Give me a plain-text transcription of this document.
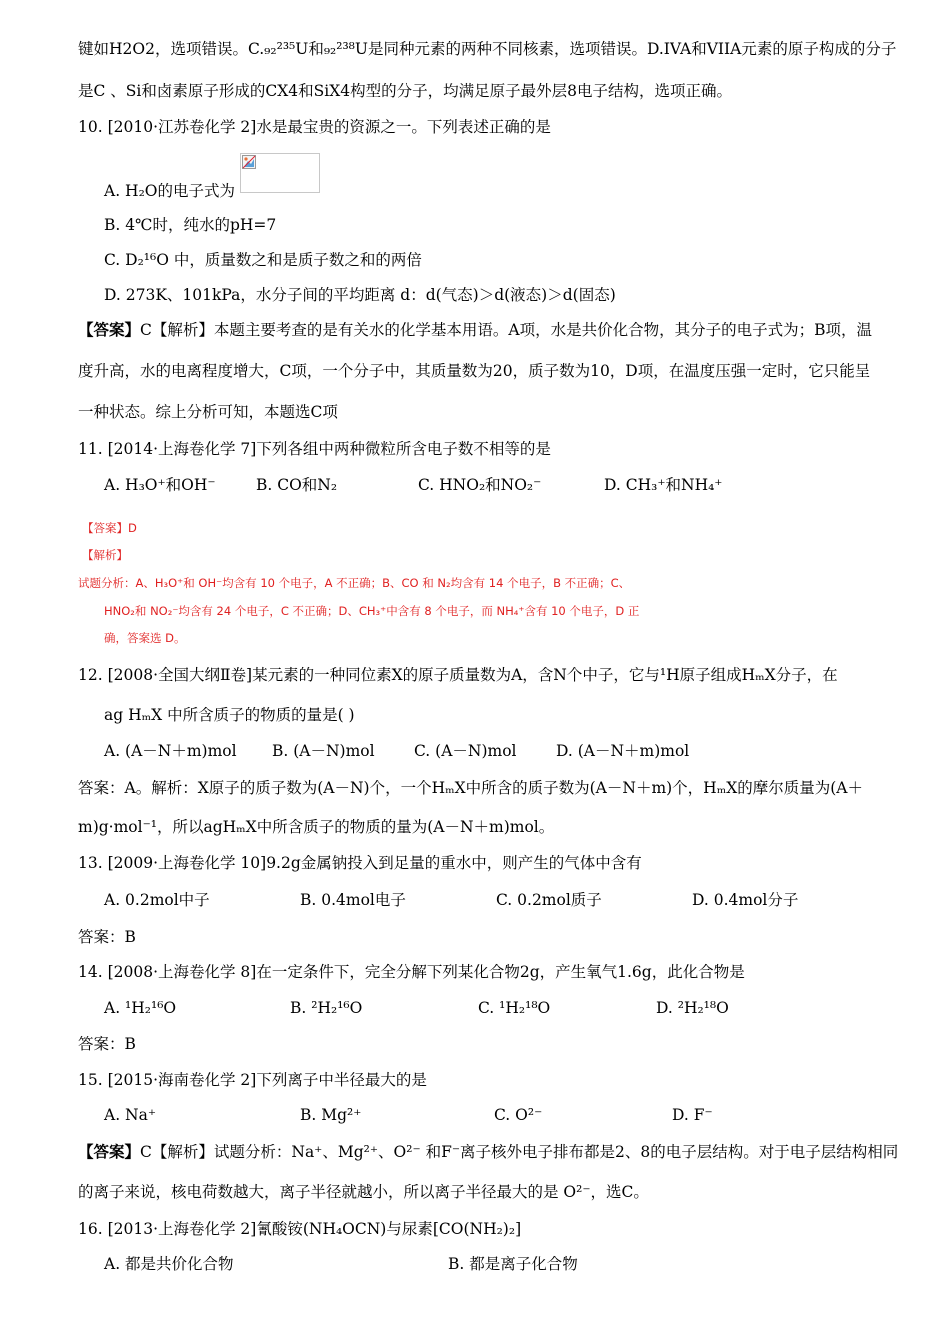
键如H2O2，选项错误。C.₉₂²³⁵U和₉₂²³⁸U是同种元素的两种不同核素，选项错误。D.IVA和VIIA元素的原子构成的分子
是C 、Si和卤素原子形成的CX4和SiX4构型的分子，均满足原子最外层8电子结构，选项正确。
10. [2010·江苏卷化学 2]水是最宝贵的资源之一。下列表述正确的是
A. H₂O的电子式为
B. 4℃时，纯水的pH=7
C. D₂¹⁶O 中，质量数之和是质子数之和的两倍
D. 273K、101kPa，水分子间的平均距离 d：d(气态)＞d(液态)＞d(固态)
【答案】C【解析】本题主要考查的是有关水的化学基本用语。A项，水是共价化合物，其分子的电子式为；B项，温
度升高，水的电离程度增大，C项，一个分子中，其质量数为20，质子数为10，D项，在温度压强一定时，它只能呈
一种状态。综上分析可知，本题选C项
11. [2014·上海卷化学 7]下列各组中两种微粒所含电子数不相等的是
A. H₃O⁺和OH⁻	B. CO和N₂	C. HNO₂和NO₂⁻	D. CH₃⁺和NH₄⁺
【答案】D
【解析】
试题分析：A、H₃O⁺和 OH⁻均含有 10 个电子，A 不正确；B、CO 和 N₂均含有 14 个电子，B 不正确；C、
HNO₂和 NO₂⁻均含有 24 个电子，C 不正确；D、CH₃⁺中含有 8 个电子，而 NH₄⁺含有 10 个电子，D 正
确，答案选 D。
12. [2008·全国大纲Ⅱ卷]某元素的一种同位素X的原子质量数为A，含N个中子，它与¹H原子组成HₘX分子，在
ag HₘX 中所含质子的物质的量是( )
A. (A－N＋m)mol B. (A－N)mol	C. (A－N)mol	D. (A－N＋m)mol
答案：A。解析：X原子的质子数为(A－N)个，一个HₘX中所含的质子数为(A－N＋m)个，HₘX的摩尔质量为(A＋
m)g·mol⁻¹，所以agHₘX中所含质子的物质的量为(A－N＋m)mol。
13. [2009·上海卷化学 10]9.2g金属钠投入到足量的重水中，则产生的气体中含有
A. 0.2mol中子	B. 0.4mol电子	C. 0.2mol质子	D. 0.4mol分子
答案：B
14. [2008·上海卷化学 8]在一定条件下，完全分解下列某化合物2g，产生氧气1.6g，此化合物是
A. ¹H₂¹⁶O	B. ²H₂¹⁶O	C. ¹H₂¹⁸O	D. ²H₂¹⁸O
答案：B
15. [2015·海南卷化学 2]下列离子中半径最大的是
A. Na⁺	B. Mg²⁺	C. O²⁻	D. F⁻
【答案】C【解析】试题分析：Na⁺、Mg²⁺、O²⁻ 和F⁻离子核外电子排布都是2、8的电子层结构。对于电子层结构相同
的离子来说，核电荷数越大，离子半径就越小，所以离子半径最大的是 O²⁻，选C。
16. [2013·上海卷化学 2]氰酸铵(NH₄OCN)与尿素[CO(NH₂)₂]
A. 都是共价化合物	B. 都是离子化合物
